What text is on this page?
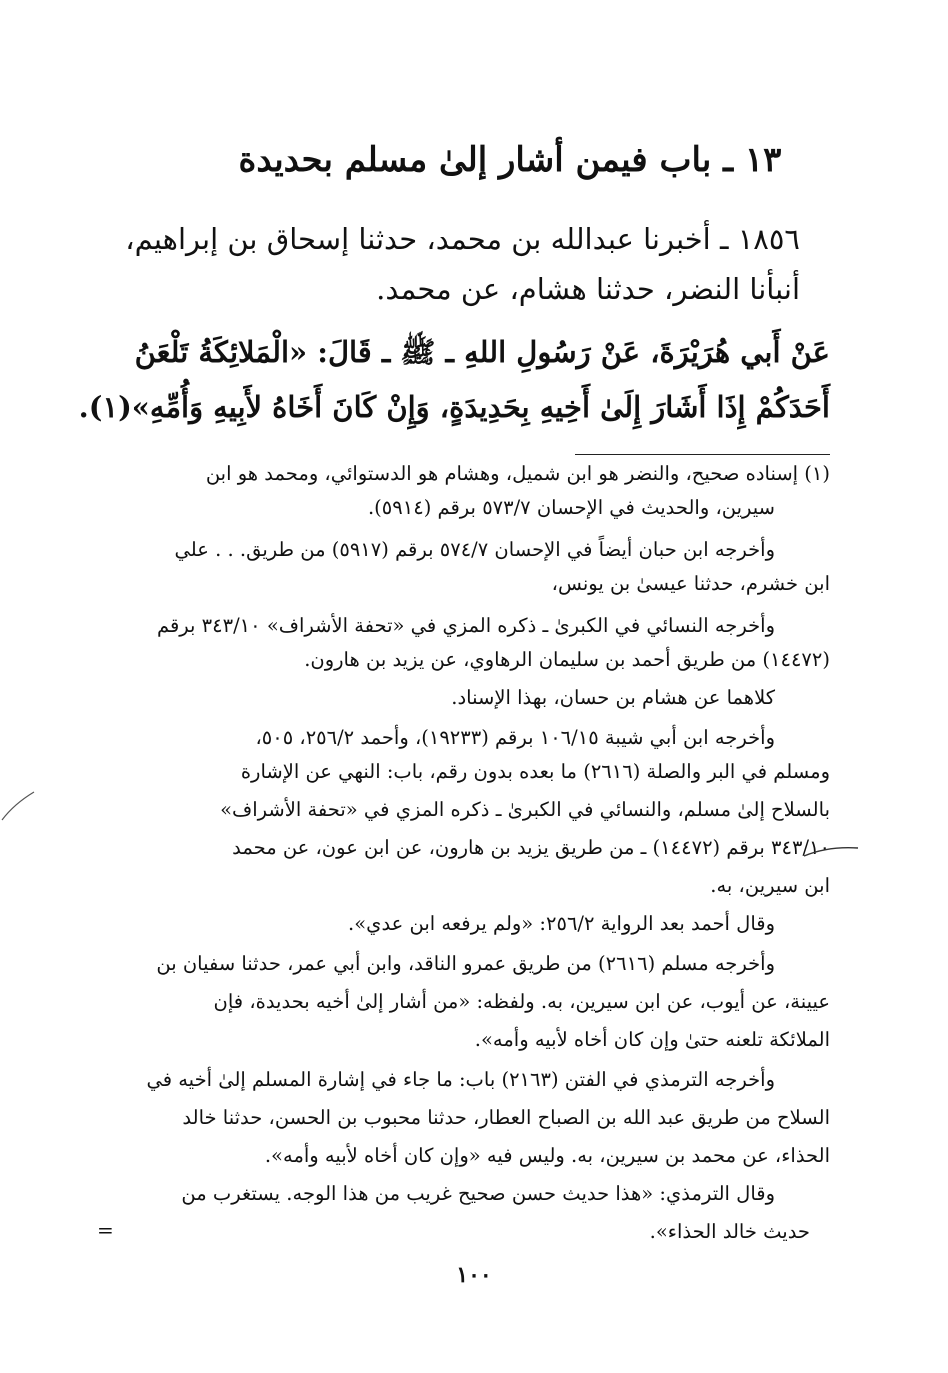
١٣ ـ باب فيمن أشار إلىٰ مسلم بحديدة
١٨٥٦ ـ أخبرنا عبدالله بن محمد، حدثنا إسحاق بن إبراهيم،
أنبأنا النضر، حدثنا هشام، عن محمد.
عَنْ أَبي هُرَيْرَةَ، عَنْ رَسُولِ اللهِ ـ ﷺ ـ قَالَ: «الْمَلائِكَةُ تَلْعَنُ
أَحَدَكُمْ إِذَا أَشَارَ إِلَىٰ أَخِيهِ بِحَدِيدَةٍ، وَإِنْ كَانَ أَخَاهُ لأَبِيهِ وَأُمِّهِ»(١).
(١) إسناده صحيح، والنضر هو ابن شميل، وهشام هو الدستوائي، ومحمد هو ابن
سيرين، والحديث في الإحسان ٥٧٣/٧ برقم (٥٩١٤).
وأخرجه ابن حبان أيضاً في الإحسان ٥٧٤/٧ برقم (٥٩١٧) من طريق. . . علي
ابن خشرم، حدثنا عيسىٰ بن يونس،
وأخرجه النسائي في الكبرىٰ ـ ذكره المزي في «تحفة الأشراف» ٣٤٣/١٠ برقم
(١٤٤٧٢) من طريق أحمد بن سليمان الرهاوي، عن يزيد بن هارون.
كلاهما عن هشام بن حسان، بهذا الإسناد.
وأخرجه ابن أبي شيبة ١٠٦/١٥ برقم (١٩٢٣٣)، وأحمد ٢٥٦/٢، ٥٠٥،
ومسلم في البر والصلة (٢٦١٦) ما بعده بدون رقم، باب: النهي عن الإشارة
بالسلاح إلىٰ مسلم، والنسائي في الكبرىٰ ـ ذكره المزي في «تحفة الأشراف»
٣٤٣/١٠ برقم (١٤٤٧٢) ـ من طريق يزيد بن هارون، عن ابن عون، عن محمد
ابن سيرين، به.
وقال أحمد بعد الرواية ٢٥٦/٢: «ولم يرفعه ابن عدي».
وأخرجه مسلم (٢٦١٦) من طريق عمرو الناقد، وابن أبي عمر، حدثنا سفيان بن
عيينة، عن أيوب، عن ابن سيرين، به. ولفظه: «من أشار إلىٰ أخيه بحديدة، فإن
الملائكة تلعنه حتىٰ وإن كان أخاه لأبيه وأمه».
وأخرجه الترمذي في الفتن (٢١٦٣) باب: ما جاء في إشارة المسلم إلىٰ أخيه في
السلاح من طريق عبد الله بن الصباح العطار، حدثنا محبوب بن الحسن، حدثنا خالد
الحذاء، عن محمد بن سيرين، به. وليس فيه «وإن كان أخاه لأبيه وأمه».
وقال الترمذي: «هذا حديث حسن صحيح غريب من هذا الوجه. يستغرب من
حديث خالد الحذاء».
=
١٠٠
